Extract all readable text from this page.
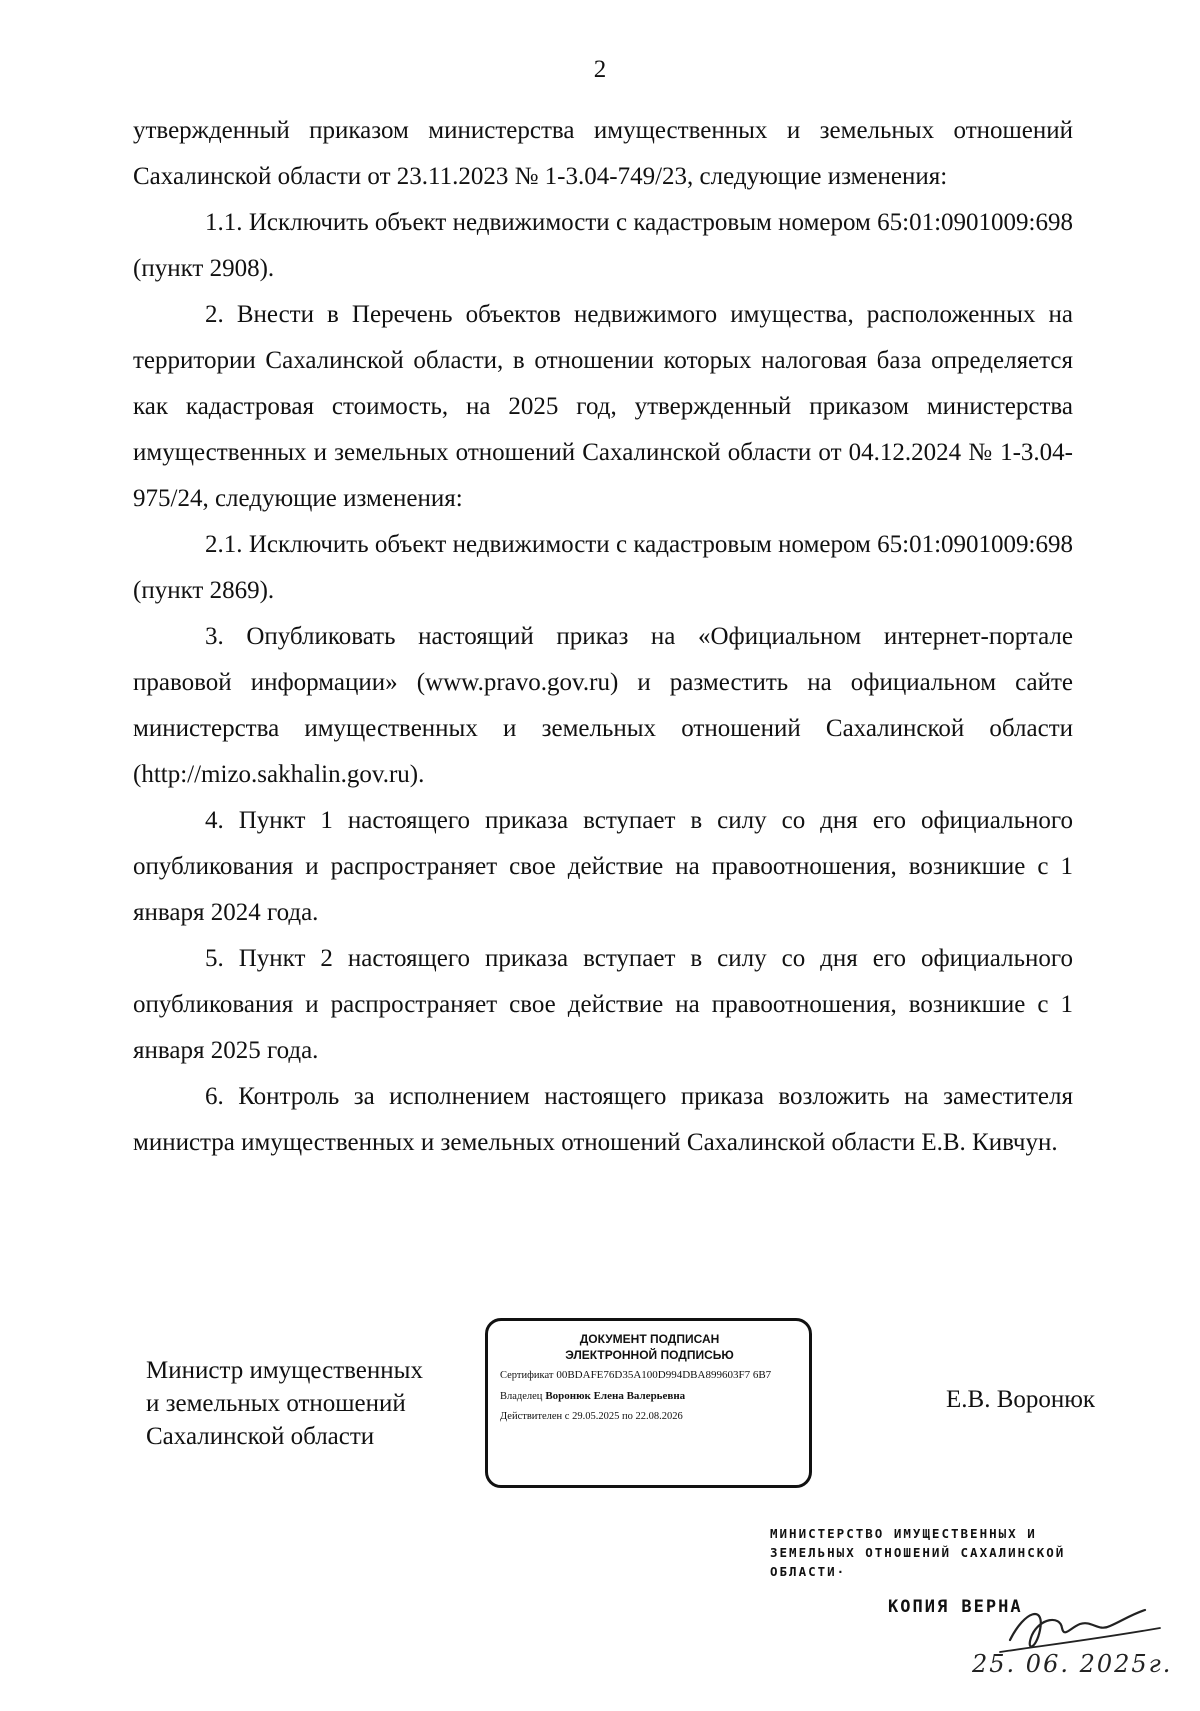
2

утвержденный приказом министерства имущественных и земельных отношений Сахалинской области от 23.11.2023 № 1-3.04-749/23, следующие изменения:

1.1. Исключить объект недвижимости с кадастровым номером 65:01:0901009:698 (пункт 2908).

2. Внести в Перечень объектов недвижимого имущества, расположенных на территории Сахалинской области, в отношении которых налоговая база определяется как кадастровая стоимость, на 2025 год, утвержденный приказом министерства имущественных и земельных отношений Сахалинской области от 04.12.2024 № 1-3.04-975/24, следующие изменения:

2.1. Исключить объект недвижимости с кадастровым номером 65:01:0901009:698 (пункт 2869).

3. Опубликовать настоящий приказ на «Официальном интернет-портале правовой информации» (www.pravo.gov.ru) и разместить на официальном сайте министерства имущественных и земельных отношений Сахалинской области (http://mizo.sakhalin.gov.ru).

4. Пункт 1 настоящего приказа вступает в силу со дня его официального опубликования и распространяет свое действие на правоотношения, возникшие с 1 января 2024 года.

5. Пункт 2 настоящего приказа вступает в силу со дня его официального опубликования и распространяет свое действие на правоотношения, возникшие с 1 января 2025 года.

6. Контроль за исполнением настоящего приказа возложить на заместителя министра имущественных и земельных отношений Сахалинской области Е.В. Кивчун.

Министр имущественных
и земельных отношений
Сахалинской области
ДОКУМЕНТ ПОДПИСАН
ЭЛЕКТРОННОЙ ПОДПИСЬЮ
Сертификат 00BDAFE76D35A100D994DBA899603F7 6B7
Владелец Воронюк Елена Валерьевна
Действителен с 29.05.2025 по 22.08.2026
Е.В. Воронюк
МИНИСТЕРСТВО ИМУЩЕСТВЕННЫХ И
ЗЕМЕЛЬНЫХ ОТНОШЕНИЙ САХАЛИНСКОЙ
ОБЛАСТИ·
КОПИЯ ВЕРНА
25. 06. 2025г.
